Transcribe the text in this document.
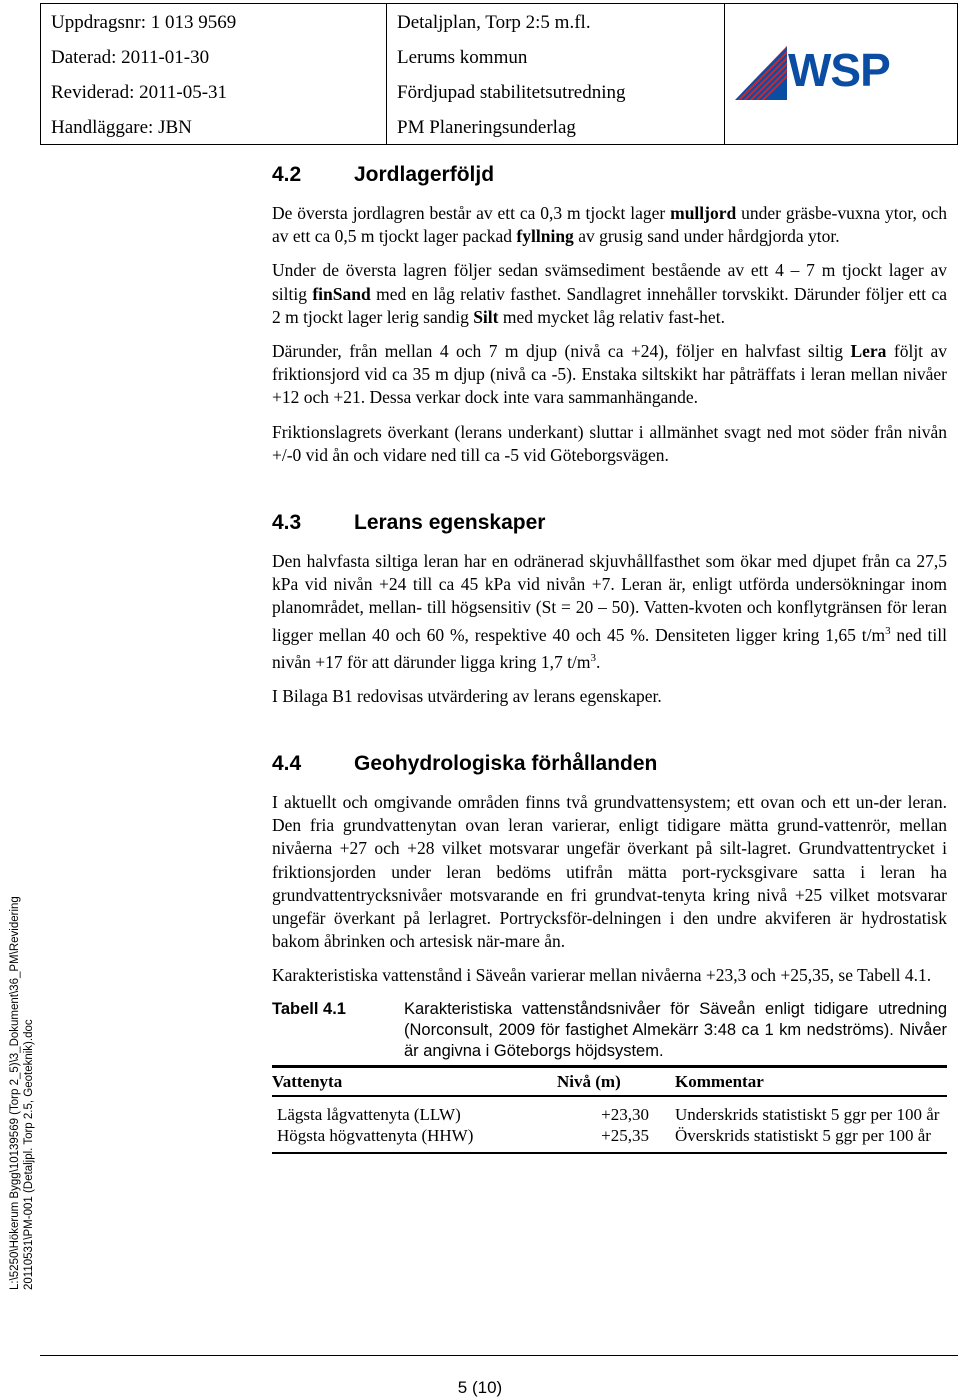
Uppdragsnr: 1 013 9569
Daterad: 2011-01-30
Reviderad: 2011-05-31
Handläggare: JBN
Detaljplan, Torp 2:5 m.fl.
Lerums kommun
Fördjupad stabilitetsutredning
PM Planeringsunderlag
WSP
4.2	Jordlagerföljd

De översta jordlagren består av ett ca 0,3 m tjockt lager mulljord under gräsbe-vuxna ytor, och av ett ca 0,5 m tjockt lager packad fyllning av grusig sand under hårdgjorda ytor.

Under de översta lagren följer sedan svämsediment bestående av ett 4 – 7 m tjockt lager av siltig finSand med en låg relativ fasthet. Sandlagret innehåller torvskikt. Därunder följer ett ca 2 m tjockt lager lerig sandig Silt med mycket låg relativ fast-het.

Därunder, från mellan 4 och 7 m djup (nivå ca +24), följer en halvfast siltig Lera följt av friktionsjord vid ca 35 m djup (nivå ca -5). Enstaka siltskikt har påträffats i leran mellan nivåer +12 och +21. Dessa verkar dock inte vara sammanhängande.

Friktionslagrets överkant (lerans underkant) sluttar i allmänhet svagt ned mot söder från nivån +/-0 vid ån och vidare ned till ca -5 vid Göteborgsvägen.

4.3	Lerans egenskaper

Den halvfasta siltiga leran har en odränerad skjuvhållfasthet som ökar med djupet från ca 27,5 kPa vid nivån +24 till ca 45 kPa vid nivån +7. Leran är, enligt utförda undersökningar inom planområdet, mellan- till högsensitiv (St = 20 – 50). Vatten-kvoten och konflytgränsen för leran ligger mellan 40 och 60 %, respektive 40 och 45 %. Densiteten ligger kring 1,65 $t/m^3$ ned till nivån +17 för att därunder ligga kring 1,7 $t/m^3$.

I Bilaga B1 redovisas utvärdering av lerans egenskaper.

4.4	Geohydrologiska förhållanden

I aktuellt och omgivande områden finns två grundvattensystem; ett ovan och ett un-der leran. Den fria grundvattenytan ovan leran varierar, enligt tidigare mätta grund-vattenrör, mellan nivåerna +27 och +28 vilket motsvarar ungefär överkant på silt-lagret. Grundvattentrycket i friktionsjorden under leran bedöms utifrån mätta port-rycksgivare satta i leran ha grundvattentrycksnivåer motsvarande en fri grundvat-tenyta kring nivå +25 vilket motsvarar ungefär överkant på lerlagret. Portrycksför-delningen i den undre akviferen är hydrostatisk bakom åbrinken och artesisk när-mare ån.

Karakteristiska vattenstånd i Säveån varierar mellan nivåerna +23,3 och +25,35, se Tabell 4.1.

Tabell 4.1	Karakteristiska vattenståndsnivåer för Säveån enligt tidigare utredning (Norconsult, 2009 för fastighet Almekärr 3:48 ca 1 km nedströms). Nivåer är angivna i Göteborgs höjdsystem.
Vattenyta	Nivå (m)	Kommentar
Lägsta lågvattenyta (LLW)	+23,30	Underskrids statistiskt 5 ggr per 100 år
Högsta högvattenyta (HHW)	+25,35	Överskrids statistiskt 5 ggr per 100 år
L:\5250\Hökerum Bygg\10139569 (Torp 2_5)\3_Dokument\36_PM\Revidering 20110531\PM-001 (Detaljpl. Torp 2.5, Geoteknik).doc
5 (10)
